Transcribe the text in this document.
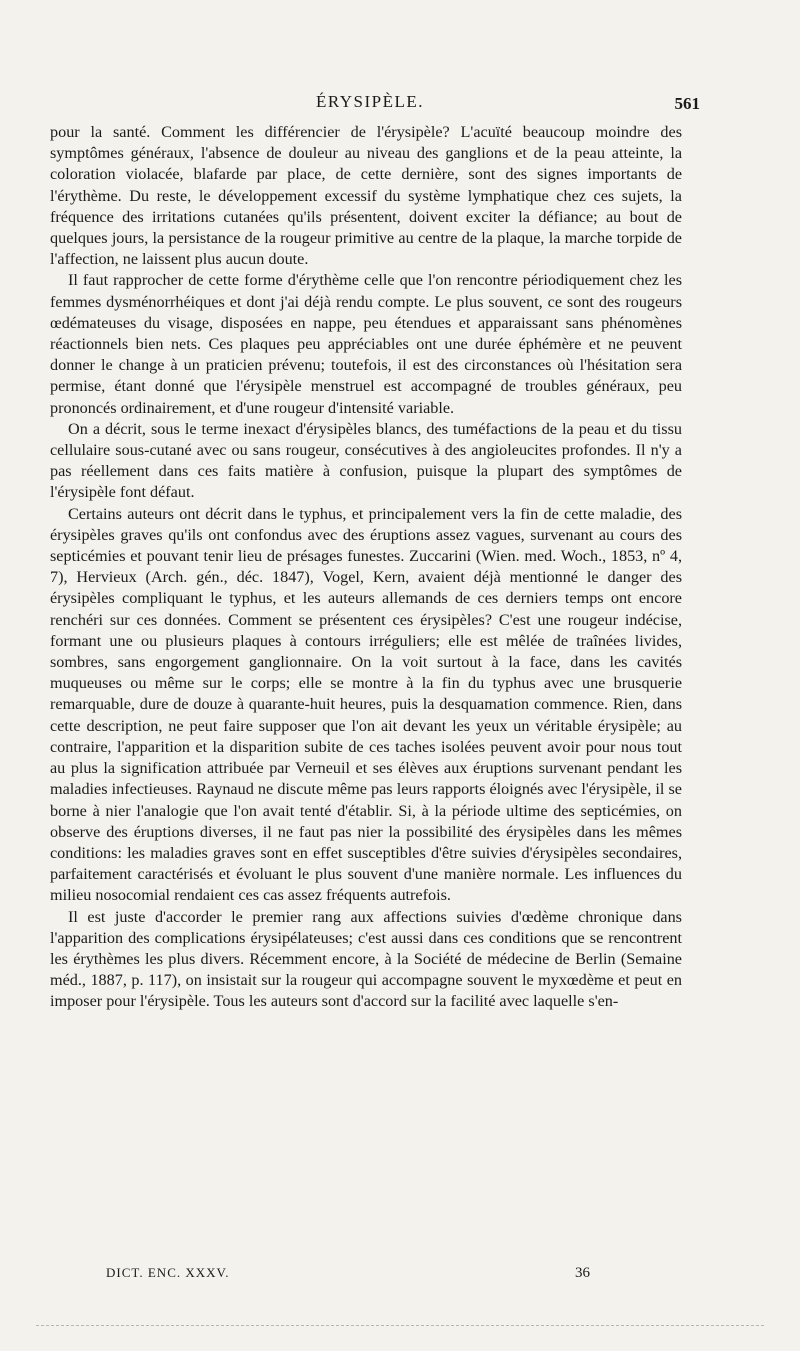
ÉRYSIPÈLE.	561

pour la santé. Comment les différencier de l'érysipèle? L'acuïté beaucoup moindre des symptômes généraux, l'absence de douleur au niveau des ganglions et de la peau atteinte, la coloration violacée, blafarde par place, de cette dernière, sont des signes importants de l'érythème. Du reste, le développement excessif du système lymphatique chez ces sujets, la fréquence des irritations cutanées qu'ils présentent, doivent exciter la défiance; au bout de quelques jours, la persistance de la rougeur primitive au centre de la plaque, la marche torpide de l'affection, ne laissent plus aucun doute.

Il faut rapprocher de cette forme d'érythème celle que l'on rencontre périodiquement chez les femmes dysménorrhéiques et dont j'ai déjà rendu compte. Le plus souvent, ce sont des rougeurs œdémateuses du visage, disposées en nappe, peu étendues et apparaissant sans phénomènes réactionnels bien nets. Ces plaques peu appréciables ont une durée éphémère et ne peuvent donner le change à un praticien prévenu; toutefois, il est des circonstances où l'hésitation sera permise, étant donné que l'érysipèle menstruel est accompagné de troubles généraux, peu prononcés ordinairement, et d'une rougeur d'intensité variable.

On a décrit, sous le terme inexact d'érysipèles blancs, des tuméfactions de la peau et du tissu cellulaire sous-cutané avec ou sans rougeur, consécutives à des angioleucites profondes. Il n'y a pas réellement dans ces faits matière à confusion, puisque la plupart des symptômes de l'érysipèle font défaut.

Certains auteurs ont décrit dans le typhus, et principalement vers la fin de cette maladie, des érysipèles graves qu'ils ont confondus avec des éruptions assez vagues, survenant au cours des septicémies et pouvant tenir lieu de présages funestes. Zuccarini (Wien. med. Woch., 1853, nº 4, 7), Hervieux (Arch. gén., déc. 1847), Vogel, Kern, avaient déjà mentionné le danger des érysipèles compliquant le typhus, et les auteurs allemands de ces derniers temps ont encore renchéri sur ces données. Comment se présentent ces érysipèles? C'est une rougeur indécise, formant une ou plusieurs plaques à contours irréguliers; elle est mêlée de traînées livides, sombres, sans engorgement ganglionnaire. On la voit surtout à la face, dans les cavités muqueuses ou même sur le corps; elle se montre à la fin du typhus avec une brusquerie remarquable, dure de douze à quarante-huit heures, puis la desquamation commence. Rien, dans cette description, ne peut faire supposer que l'on ait devant les yeux un véritable érysipèle; au contraire, l'apparition et la disparition subite de ces taches isolées peuvent avoir pour nous tout au plus la signification attribuée par Verneuil et ses élèves aux éruptions survenant pendant les maladies infectieuses. Raynaud ne discute même pas leurs rapports éloignés avec l'érysipèle, il se borne à nier l'analogie que l'on avait tenté d'établir. Si, à la période ultime des septicémies, on observe des éruptions diverses, il ne faut pas nier la possibilité des érysipèles dans les mêmes conditions: les maladies graves sont en effet susceptibles d'être suivies d'érysipèles secondaires, parfaitement caractérisés et évoluant le plus souvent d'une manière normale. Les influences du milieu nosocomial rendaient ces cas assez fréquents autrefois.

Il est juste d'accorder le premier rang aux affections suivies d'œdème chronique dans l'apparition des complications érysipélateuses; c'est aussi dans ces conditions que se rencontrent les érythèmes les plus divers. Récemment encore, à la Société de médecine de Berlin (Semaine méd., 1887, p. 117), on insistait sur la rougeur qui accompagne souvent le myxœdème et peut en imposer pour l'érysipèle. Tous les auteurs sont d'accord sur la facilité avec laquelle s'en-

DICT. ENC. XXXV.	36
